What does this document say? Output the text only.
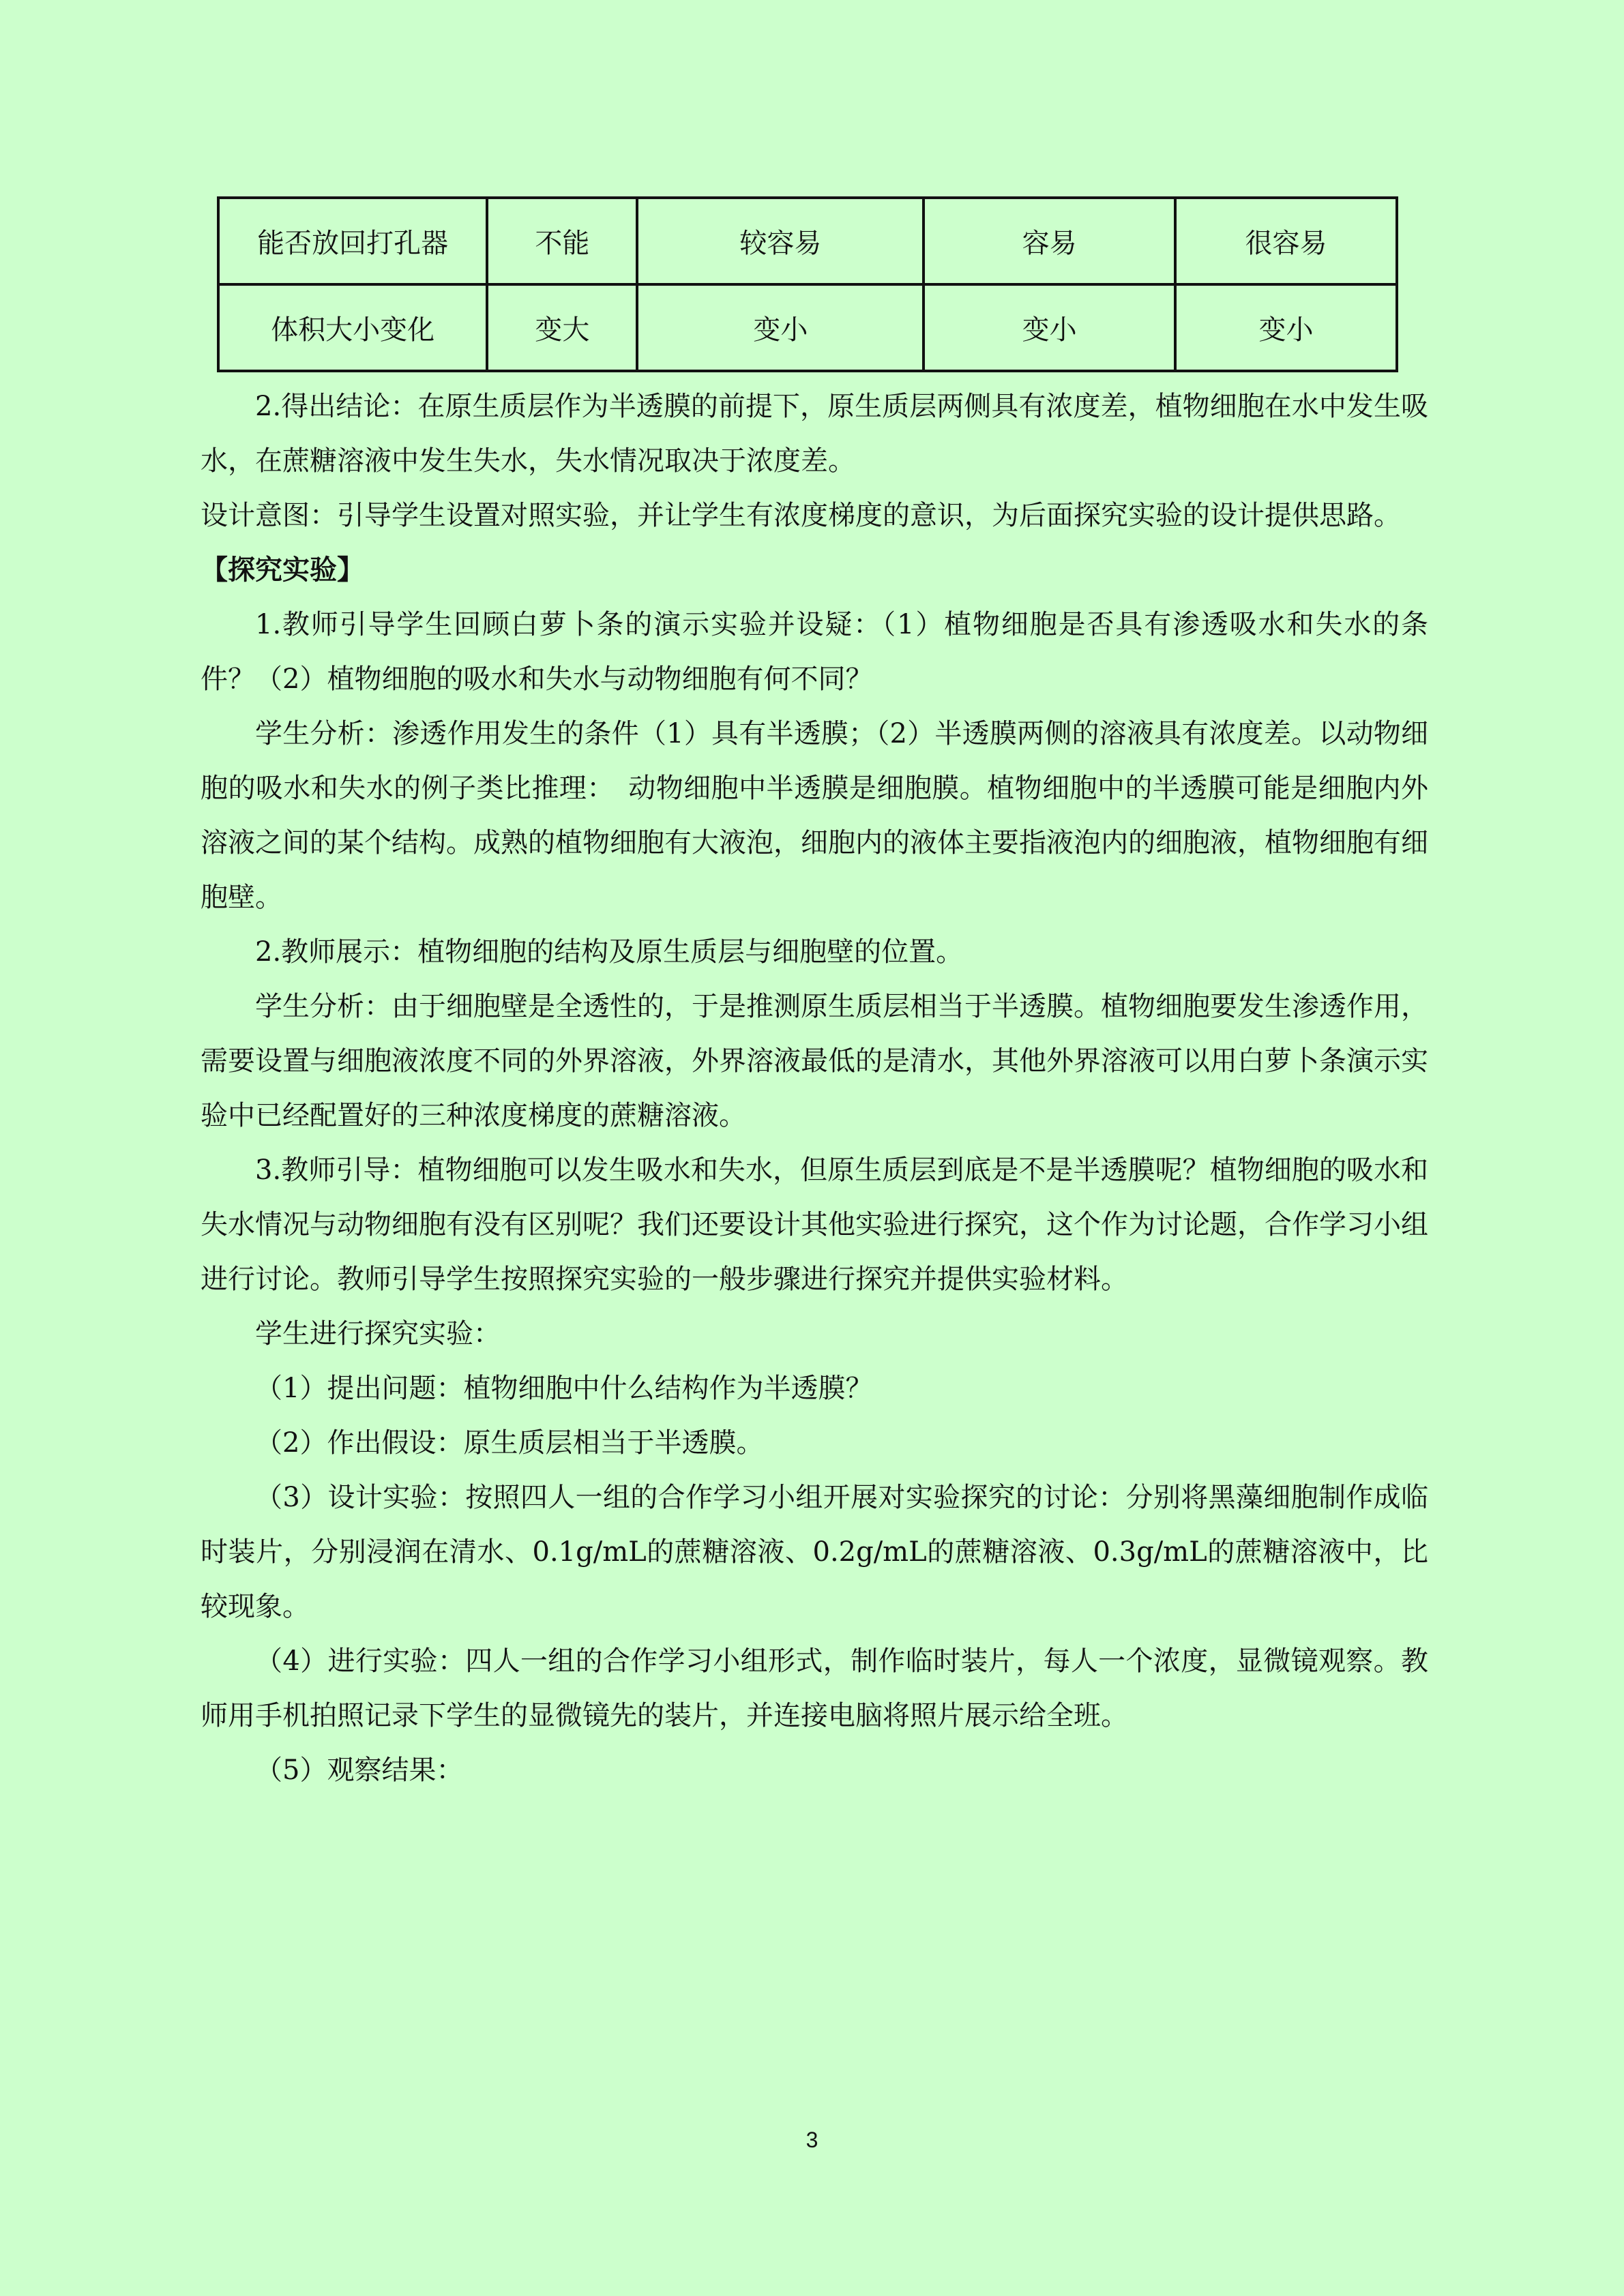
能否放回打孔器	不能	较容易	容易	很容易
体积大小变化	变大	变小	变小	变小

2.得出结论：在原生质层作为半透膜的前提下，原生质层两侧具有浓度差，植物细胞在水中发生吸水，在蔗糖溶液中发生失水，失水情况取决于浓度差。

设计意图：引导学生设置对照实验，并让学生有浓度梯度的意识，为后面探究实验的设计提供思路。

【探究实验】

1.教师引导学生回顾白萝卜条的演示实验并设疑：（1）植物细胞是否具有渗透吸水和失水的条件？（2）植物细胞的吸水和失水与动物细胞有何不同？

学生分析：渗透作用发生的条件（1）具有半透膜；（2）半透膜两侧的溶液具有浓度差。以动物细胞的吸水和失水的例子类比推理：　动物细胞中半透膜是细胞膜。植物细胞中的半透膜可能是细胞内外溶液之间的某个结构。成熟的植物细胞有大液泡，细胞内的液体主要指液泡内的细胞液，植物细胞有细胞壁。

2.教师展示：植物细胞的结构及原生质层与细胞壁的位置。

学生分析：由于细胞壁是全透性的，于是推测原生质层相当于半透膜。植物细胞要发生渗透作用，需要设置与细胞液浓度不同的外界溶液，外界溶液最低的是清水，其他外界溶液可以用白萝卜条演示实验中已经配置好的三种浓度梯度的蔗糖溶液。

3.教师引导：植物细胞可以发生吸水和失水，但原生质层到底是不是半透膜呢？植物细胞的吸水和失水情况与动物细胞有没有区别呢？我们还要设计其他实验进行探究，这个作为讨论题，合作学习小组进行讨论。教师引导学生按照探究实验的一般步骤进行探究并提供实验材料。

学生进行探究实验：

（1）提出问题：植物细胞中什么结构作为半透膜？

（2）作出假设：原生质层相当于半透膜。

（3）设计实验：按照四人一组的合作学习小组开展对实验探究的讨论：分别将黑藻细胞制作成临时装片，分别浸润在清水、0.1g/mL的蔗糖溶液、0.2g/mL的蔗糖溶液、0.3g/mL的蔗糖溶液中，比较现象。

（4）进行实验：四人一组的合作学习小组形式，制作临时装片，每人一个浓度，显微镜观察。教师用手机拍照记录下学生的显微镜先的装片，并连接电脑将照片展示给全班。

（5）观察结果：

3
